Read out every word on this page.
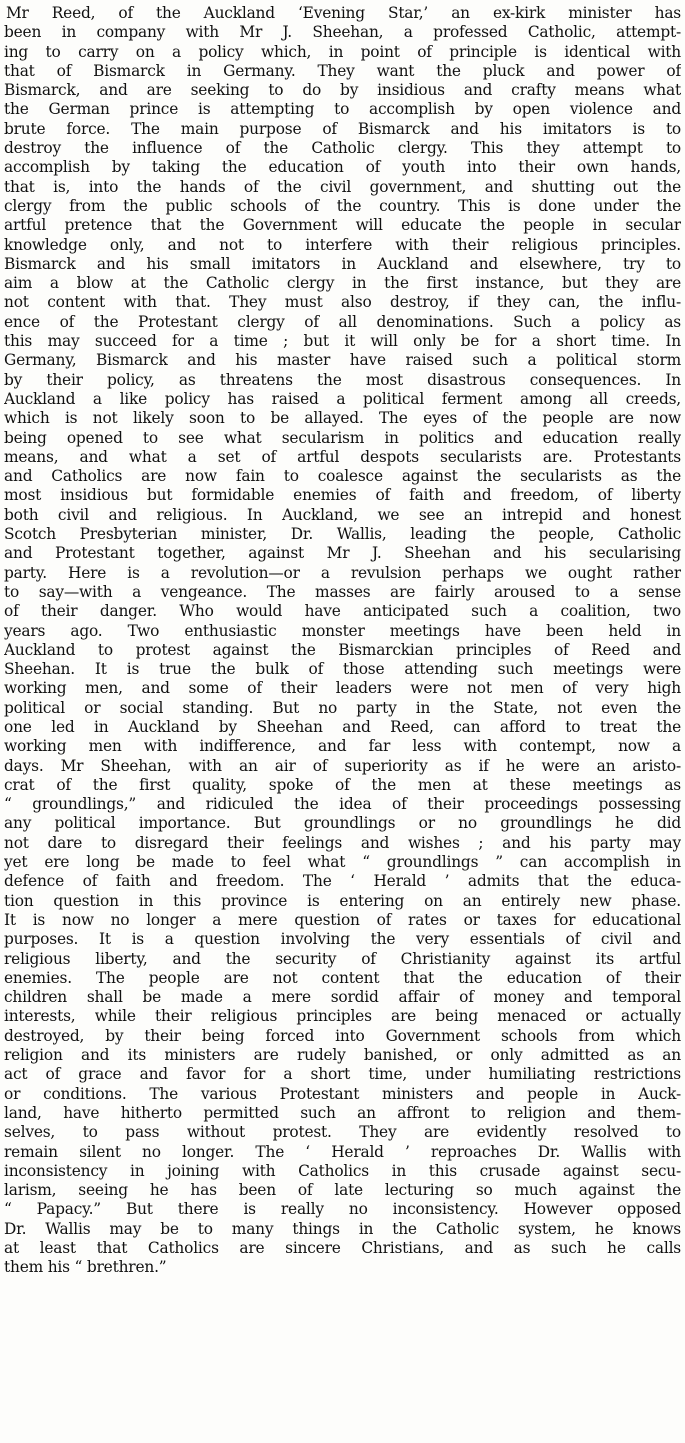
Mr Reed, of the Auckland ‘Evening Star,’ an ex-kirk minister has
been in company with Mr J. Sheehan, a professed Catholic, attempt-
ing to carry on a policy which, in point of principle is identical with
that of Bismarck in Germany. They want the pluck and power of
Bismarck, and are seeking to do by insidious and crafty means what
the German prince is attempting to accomplish by open violence and
brute force. The main purpose of Bismarck and his imitators is to
destroy the influence of the Catholic clergy. This they attempt to
accomplish by taking the education of youth into their own hands,
that is, into the hands of the civil government, and shutting out the
clergy from the public schools of the country. This is done under the
artful pretence that the Government will educate the people in secular
knowledge only, and not to interfere with their religious principles.
Bismarck and his small imitators in Auckland and elsewhere, try to
aim a blow at the Catholic clergy in the first instance, but they are
not content with that. They must also destroy, if they can, the influ-
ence of the Protestant clergy of all denominations. Such a policy as
this may succeed for a time ; but it will only be for a short time. In
Germany, Bismarck and his master have raised such a political storm
by their policy, as threatens the most disastrous consequences. In
Auckland a like policy has raised a political ferment among all creeds,
which is not likely soon to be allayed. The eyes of the people are now
being opened to see what secularism in politics and education really
means, and what a set of artful despots secularists are. Protestants
and Catholics are now fain to coalesce against the secularists as the
most insidious but formidable enemies of faith and freedom, of liberty
both civil and religious. In Auckland, we see an intrepid and honest
Scotch Presbyterian minister, Dr. Wallis, leading the people, Catholic
and Protestant together, against Mr J. Sheehan and his secularising
party. Here is a revolution—or a revulsion perhaps we ought rather
to say—with a vengeance. The masses are fairly aroused to a sense
of their danger. Who would have anticipated such a coalition, two
years ago. Two enthusiastic monster meetings have been held in
Auckland to protest against the Bismarckian principles of Reed and
Sheehan. It is true the bulk of those attending such meetings were
working men, and some of their leaders were not men of very high
political or social standing. But no party in the State, not even the
one led in Auckland by Sheehan and Reed, can afford to treat the
working men with indifference, and far less with contempt, now a
days. Mr Sheehan, with an air of superiority as if he were an aristo-
crat of the first quality, spoke of the men at these meetings as
“ groundlings,” and ridiculed the idea of their proceedings possessing
any political importance. But groundlings or no groundlings he did
not dare to disregard their feelings and wishes ; and his party may
yet ere long be made to feel what “ groundlings ” can accomplish in
defence of faith and freedom. The ‘ Herald ’ admits that the educa-
tion question in this province is entering on an entirely new phase.
It is now no longer a mere question of rates or taxes for educational
purposes. It is a question involving the very essentials of civil and
religious liberty, and the security of Christianity against its artful
enemies. The people are not content that the education of their
children shall be made a mere sordid affair of money and temporal
interests, while their religious principles are being menaced or actually
destroyed, by their being forced into Government schools from which
religion and its ministers are rudely banished, or only admitted as an
act of grace and favor for a short time, under humiliating restrictions
or conditions. The various Protestant ministers and people in Auck-
land, have hitherto permitted such an affront to religion and them-
selves, to pass without protest. They are evidently resolved to
remain silent no longer. The ‘ Herald ’ reproaches Dr. Wallis with
inconsistency in joining with Catholics in this crusade against secu-
larism, seeing he has been of late lecturing so much against the
“ Papacy.” But there is really no inconsistency. However opposed
Dr. Wallis may be to many things in the Catholic system, he knows
at least that Catholics are sincere Christians, and as such he calls
them his “ brethren.”
